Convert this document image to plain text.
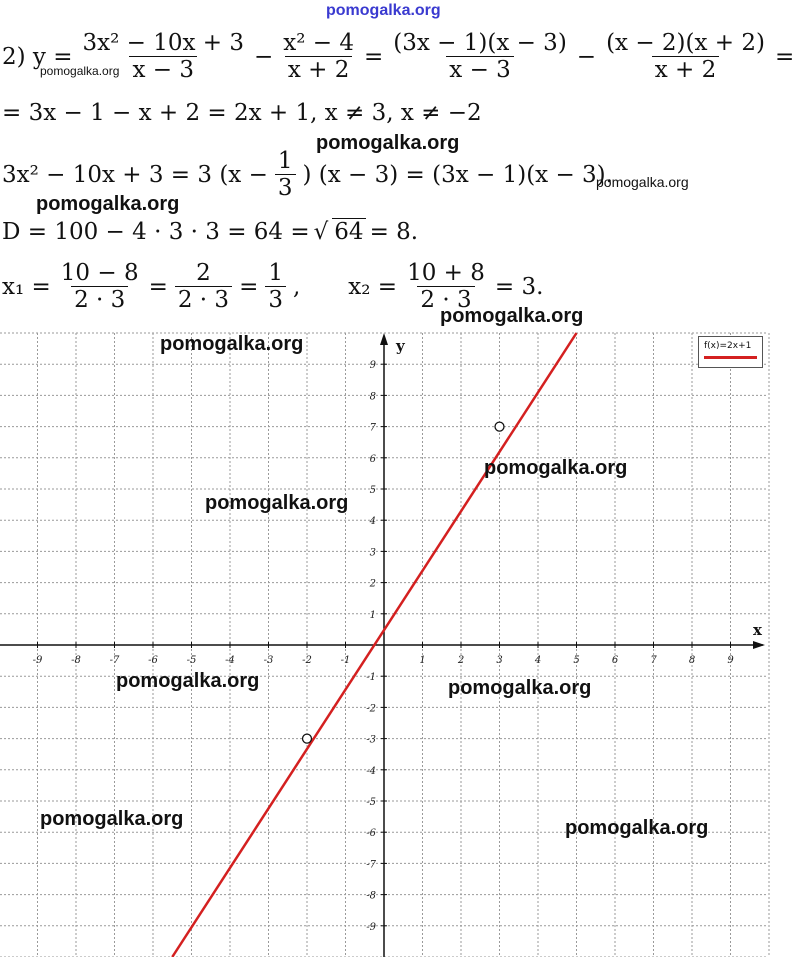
pomogalka.org
2) $y = \frac{\text{3x² − 10x + 3}}{x - 3} - \frac{\text{x² − 4}}{x + 2} = \frac{(3x - 1)(x - 3)}{x - 3} - \frac{(x - 2)(x + 2)}{x + 2}$ =
pomogalka.org
= 3x − 1 − x + 2 = 2x + 1, x ≠ 3, x ≠ −2
pomogalka.org
3x² − 10x + 3 = 3 ($x - \frac{1}{3}$ ) (x − 3) = (3x − 1)(x − 3).
pomogalka.org
pomogalka.org
D = 100 − 4 · 3 · 3 = 64 = √ 64 = 8.
$x_1 = \frac{10 - 8}{2 \cdot 3} = \frac{2}{2 \cdot 3} = \frac{1}{3}$ , $x_2 = \frac{10 + 8}{2 \cdot 3} = 3$.
x
y
-9	-8	-7	-6	-5	-4	-3	-2	-1	1	2	3	4	5	6	7	8	9
9
8
7
6
5
4
3
2
1
-1
-2
-3
-4
-5
-6
-7
-8
-9
f(x)=2x+1
pomogalka.org
pomogalka.org
pomogalka.org
pomogalka.org
pomogalka.org	pomogalka.org
pomogalka.org	pomogalka.org
